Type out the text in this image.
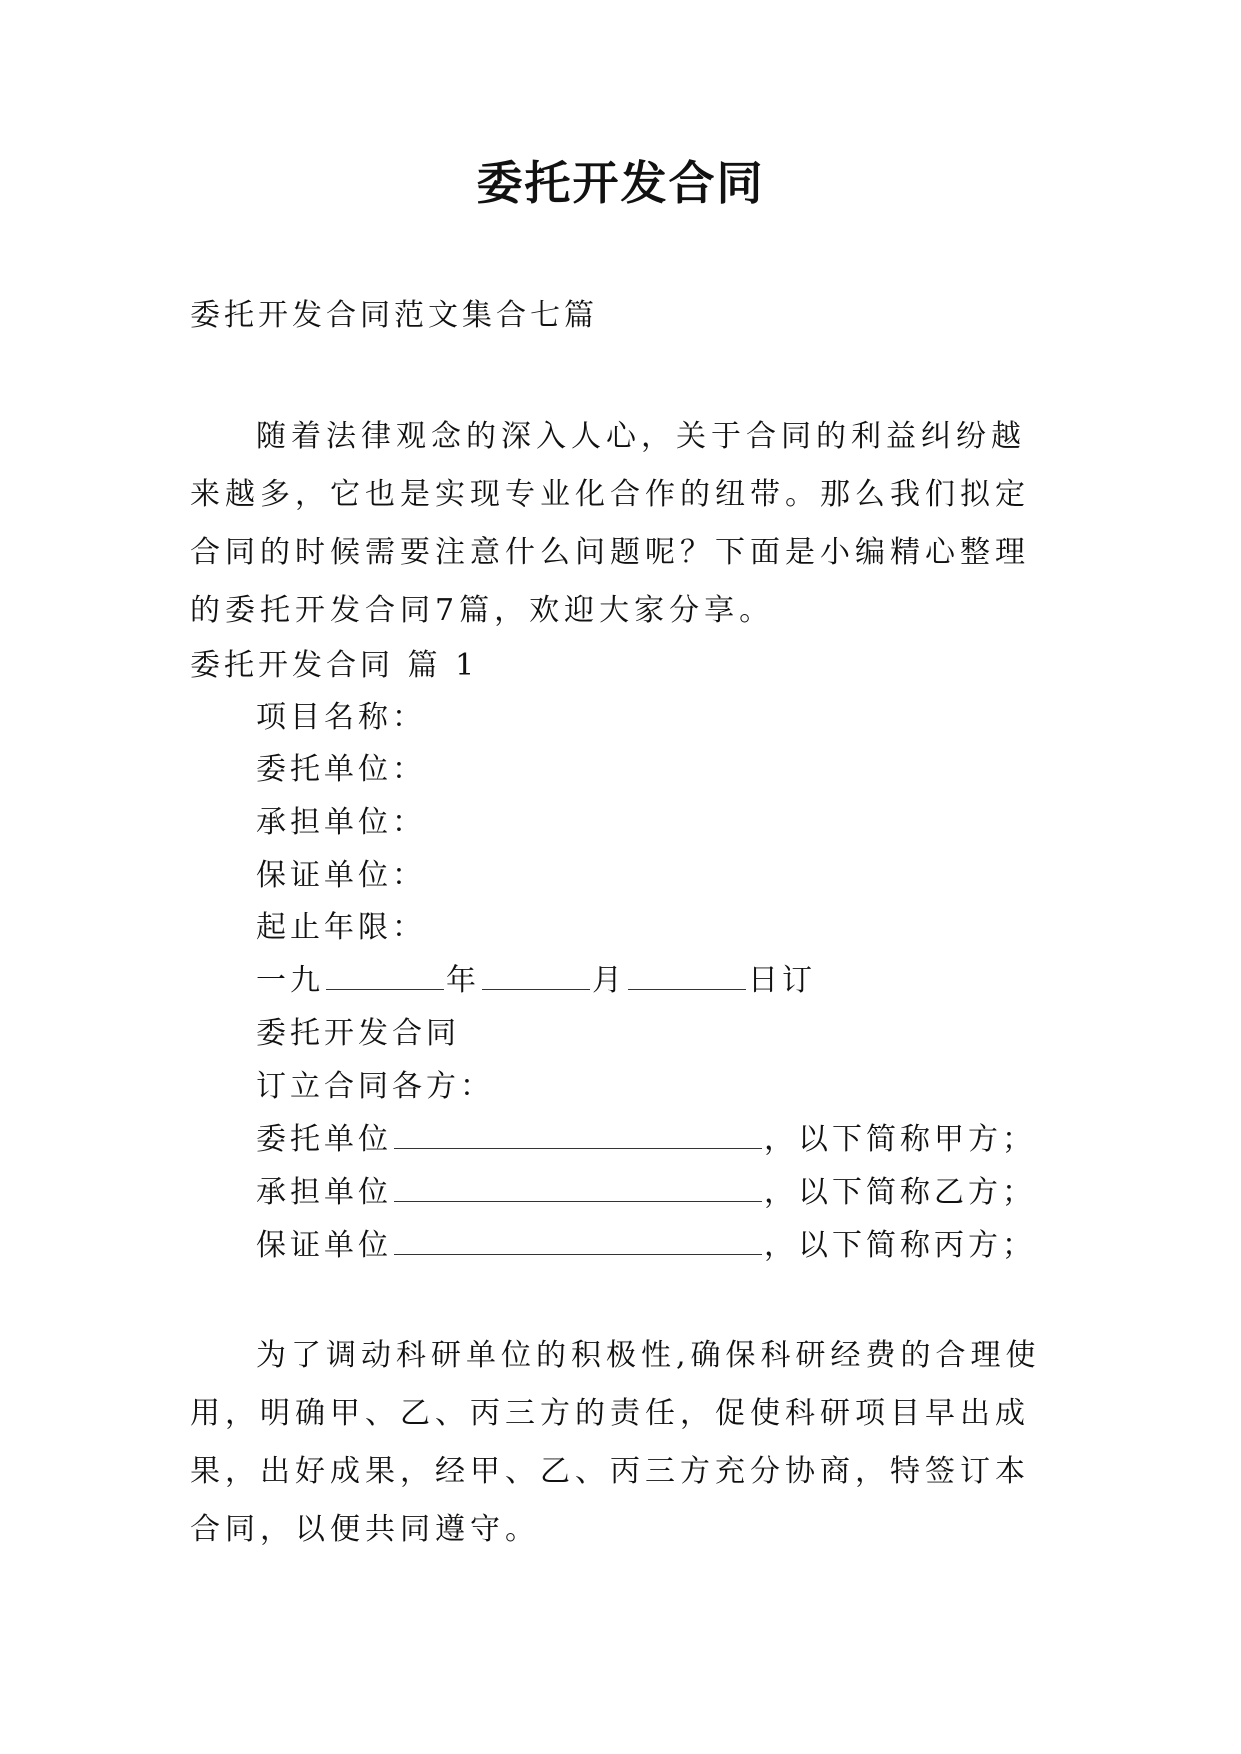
委托开发合同
委托开发合同范文集合七篇
随着法律观念的深入人心，关于合同的利益纠纷越来越多，它也是实现专业化合作的纽带。那么我们拟定合同的时候需要注意什么问题呢？下面是小编精心整理的委托开发合同7篇，欢迎大家分享。
委托开发合同 篇 1
项目名称：
委托单位：
承担单位：
保证单位：
起止年限：
一九	年	月	日订
委托开发合同
订立合同各方：
委托单位	，以下简称甲方；
承担单位	，以下简称乙方；
保证单位	，以下简称丙方；
为了调动科研单位的积极性,确保科研经费的合理使用，明确甲、乙、丙三方的责任，促使科研项目早出成果，出好成果，经甲、乙、丙三方充分协商，特签订本合同，以便共同遵守。
